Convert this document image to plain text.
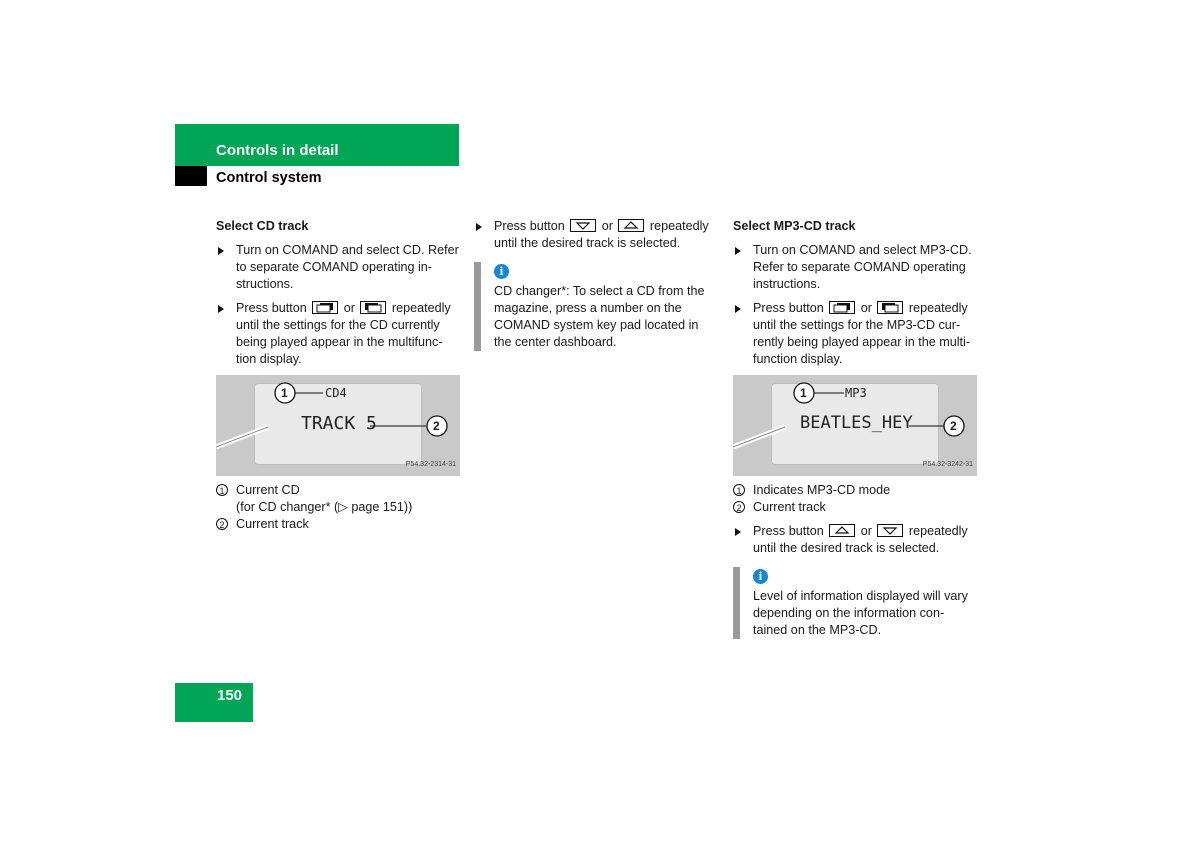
Controls in detail
Control system
Select CD track
Turn on COMAND and select CD. Refer to separate COMAND operating in- structions.
Press button	or	repeatedly until the settings for the CD currently being played appear in the multifunc- tion display.
1	CD4
TRACK 5	2
P54.32-2314-31
1 Current CD
(for CD changer* (▷ page 151))
2 Current track
Press button	or	repeatedly until the desired track is selected.
i
CD changer*: To select a CD from the magazine, press a number on the COMAND system key pad located in the center dashboard.
Select MP3-CD track
Turn on COMAND and select MP3-CD. Refer to separate COMAND operating instructions.
Press button	or	repeatedly until the settings for the MP3-CD cur- rently being played appear in the multi- function display.
1	MP3
BEATLES_HEY	2
P54.32-3242-31
1 Indicates MP3-CD mode
2 Current track
Press button	or	repeatedly until the desired track is selected.
i
Level of information displayed will vary depending on the information con- tained on the MP3-CD.
150
